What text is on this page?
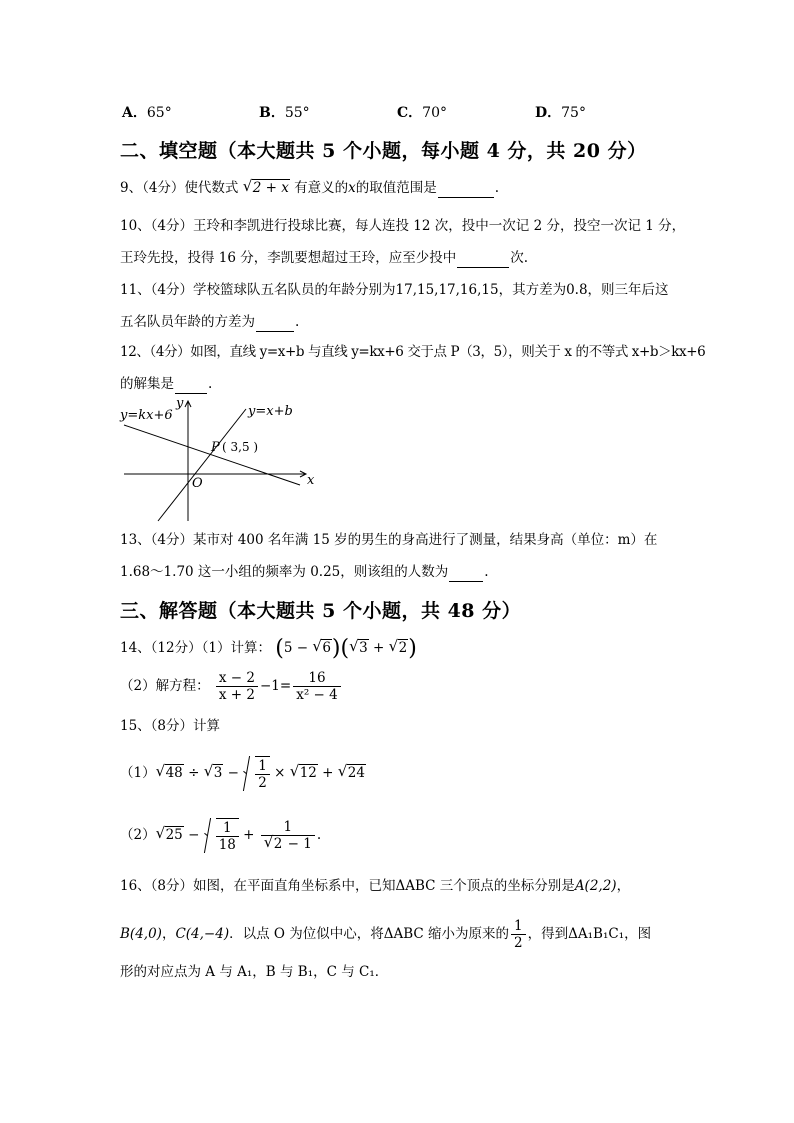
A．65°	B．55°	C．70°	D．75°
二、填空题（本大题共 5 个小题，每小题 4 分，共 20 分）
9、（4分）使代数式 √ 2 + x 有意义的x的取值范围是	.
10、（4分）王玲和李凯进行投球比赛，每人连投 12 次，投中一次记 2 分，投空一次记 1 分，
王玲先投，投得 16 分，李凯要想超过王玲，应至少投中	次.
11、（4分）学校篮球队五名队员的年龄分别为17,15,17,16,15，其方差为0.8，则三年后这
五名队员年龄的方差为	.
12、（4分）如图，直线 y=x+b 与直线 y=kx+6 交于点 P（3，5），则关于 x 的不等式 x+b＞kx+6
的解集是	.
y=kx+6	y=x+b
y
x
O
P ( 3,5 )
13、（4分）某市对 400 名年满 15 岁的男生的身高进行了测量，结果身高（单位：m）在
1.68～1.70 这一小组的频率为 0.25，则该组的人数为	.
三、解答题（本大题共 5 个小题，共 48 分）
14、（12分）（1）计算： (5 − √ 6)( √ 3 + √ 2)
（2）解方程： $\frac{x - 2}{x + 2} -1= \frac{16}{\text{x² − 4}}$
15、（8分）计算
（1） √ 48 ÷ √ $3 - \frac{1}{2}$ × √ 12 + √ 24
（2） √ $25 - \frac{1}{18} + 1$
√ 2 − 1 .
16、（8分）如图，在平面直角坐标系中，已知ΔABC 三个顶点的坐标分别是A(2,2)，
B(4,0)，C(4,−4)．以点 O 为位似中心，将ΔABC 缩小为原来的 $\frac{1}{2}$ ，得到ΔA₁B₁C₁，图
形的对应点为 A 与 A₁，B 与 B₁，C 与 C₁．
